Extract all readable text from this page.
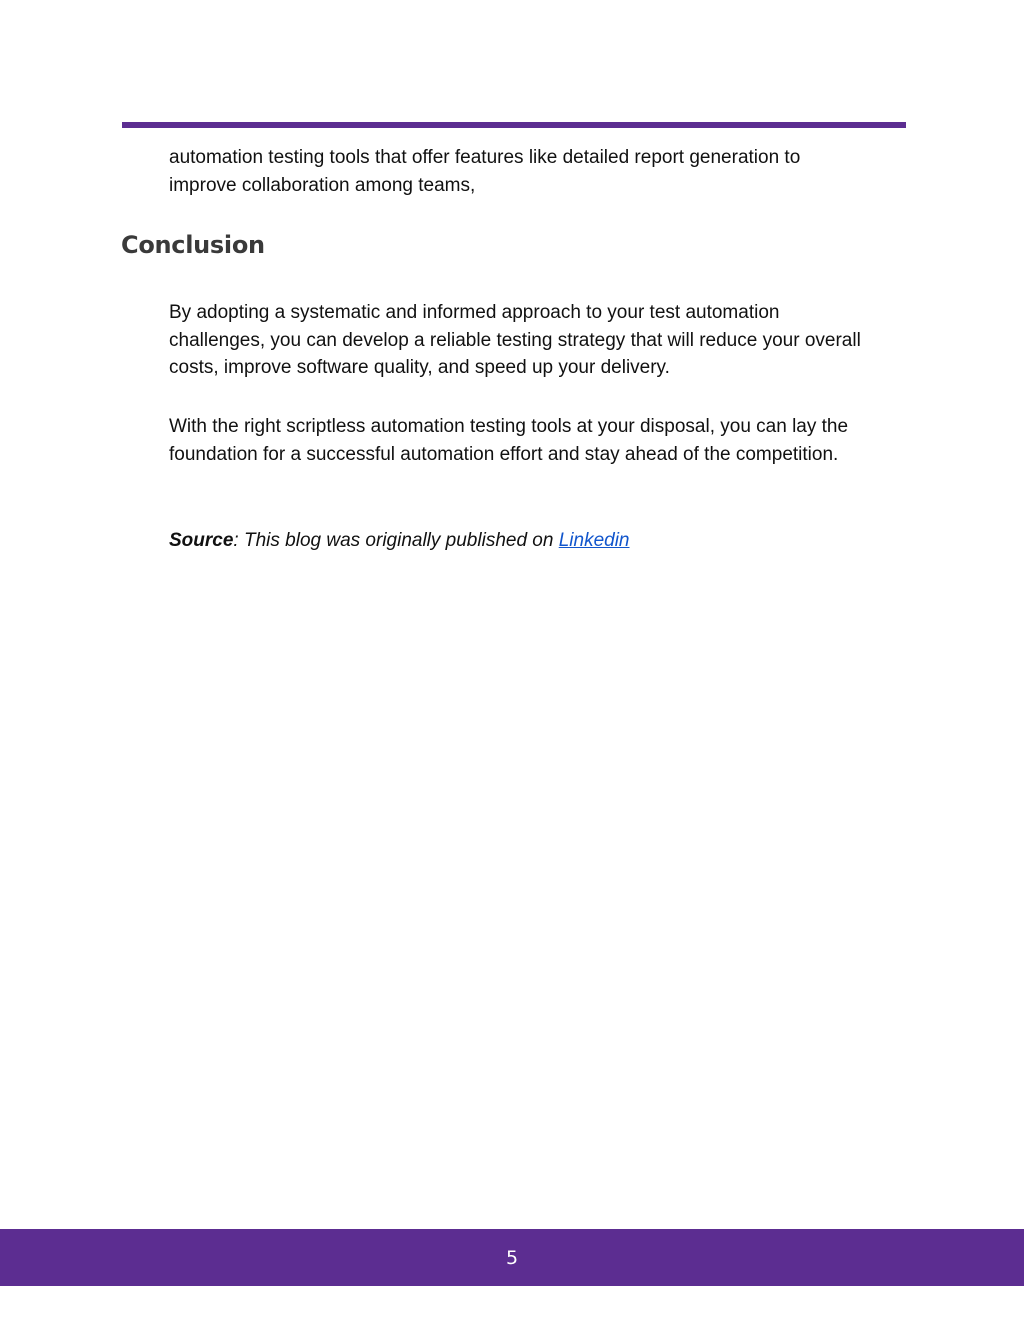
automation testing tools that offer features like detailed report generation to improve collaboration among teams,

Conclusion

By adopting a systematic and informed approach to your test automation challenges, you can develop a reliable testing strategy that will reduce your overall costs, improve software quality, and speed up your delivery.

With the right scriptless automation testing tools at your disposal, you can lay the foundation for a successful automation effort and stay ahead of the competition.

Source: This blog was originally published on Linkedin

5
